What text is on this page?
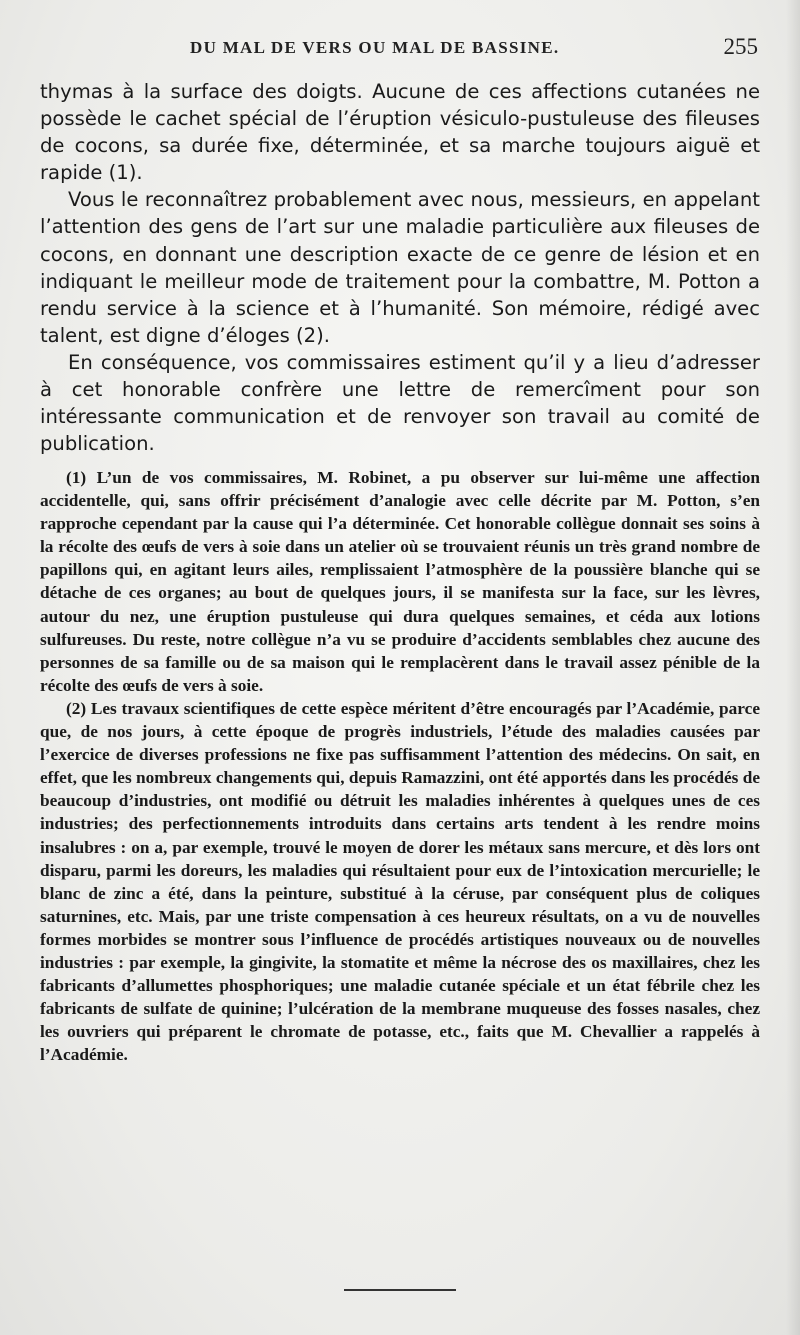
DU MAL DE VERS OU MAL DE BASSINE.	255

thymas à la surface des doigts. Aucune de ces affections cutanées ne possède le cachet spécial de l’éruption vésiculo-pustuleuse des fileuses de cocons, sa durée fixe, déterminée, et sa marche toujours aiguë et rapide (1).

Vous le reconnaîtrez probablement avec nous, messieurs, en appelant l’attention des gens de l’art sur une maladie particulière aux fileuses de cocons, en donnant une description exacte de ce genre de lésion et en indiquant le meilleur mode de traitement pour la combattre, M. Potton a rendu service à la science et à l’humanité. Son mémoire, rédigé avec talent, est digne d’éloges (2).

En conséquence, vos commissaires estiment qu’il y a lieu d’adresser à cet honorable confrère une lettre de remercîment pour son intéressante communication et de renvoyer son travail au comité de publication.

(1) L’un de vos commissaires, M. Robinet, a pu observer sur lui-même une affection accidentelle, qui, sans offrir précisément d’analogie avec celle décrite par M. Potton, s’en rapproche cependant par la cause qui l’a déterminée. Cet honorable collègue donnait ses soins à la récolte des œufs de vers à soie dans un atelier où se trouvaient réunis un très grand nombre de papillons qui, en agitant leurs ailes, remplissaient l’atmosphère de la poussière blanche qui se détache de ces organes; au bout de quelques jours, il se manifesta sur la face, sur les lèvres, autour du nez, une éruption pustuleuse qui dura quelques semaines, et céda aux lotions sulfureuses. Du reste, notre collègue n’a vu se produire d’accidents semblables chez aucune des personnes de sa famille ou de sa maison qui le remplacèrent dans le travail assez pénible de la récolte des œufs de vers à soie.

(2) Les travaux scientifiques de cette espèce méritent d’être encouragés par l’Académie, parce que, de nos jours, à cette époque de progrès industriels, l’étude des maladies causées par l’exercice de diverses professions ne fixe pas suffisamment l’attention des médecins. On sait, en effet, que les nombreux changements qui, depuis Ramazzini, ont été apportés dans les procédés de beaucoup d’industries, ont modifié ou détruit les maladies inhérentes à quelques unes de ces industries; des perfectionnements introduits dans certains arts tendent à les rendre moins insalubres : on a, par exemple, trouvé le moyen de dorer les métaux sans mercure, et dès lors ont disparu, parmi les doreurs, les maladies qui résultaient pour eux de l’intoxication mercurielle; le blanc de zinc a été, dans la peinture, substitué à la céruse, par conséquent plus de coliques saturnines, etc. Mais, par une triste compensation à ces heureux résultats, on a vu de nouvelles formes morbides se montrer sous l’influence de procédés artistiques nouveaux ou de nouvelles industries : par exemple, la gingivite, la stomatite et même la nécrose des os maxillaires, chez les fabricants d’allumettes phosphoriques; une maladie cutanée spéciale et un état fébrile chez les fabricants de sulfate de quinine; l’ulcération de la membrane muqueuse des fosses nasales, chez les ouvriers qui préparent le chromate de potasse, etc., faits que M. Chevallier a rappelés à l’Académie.
